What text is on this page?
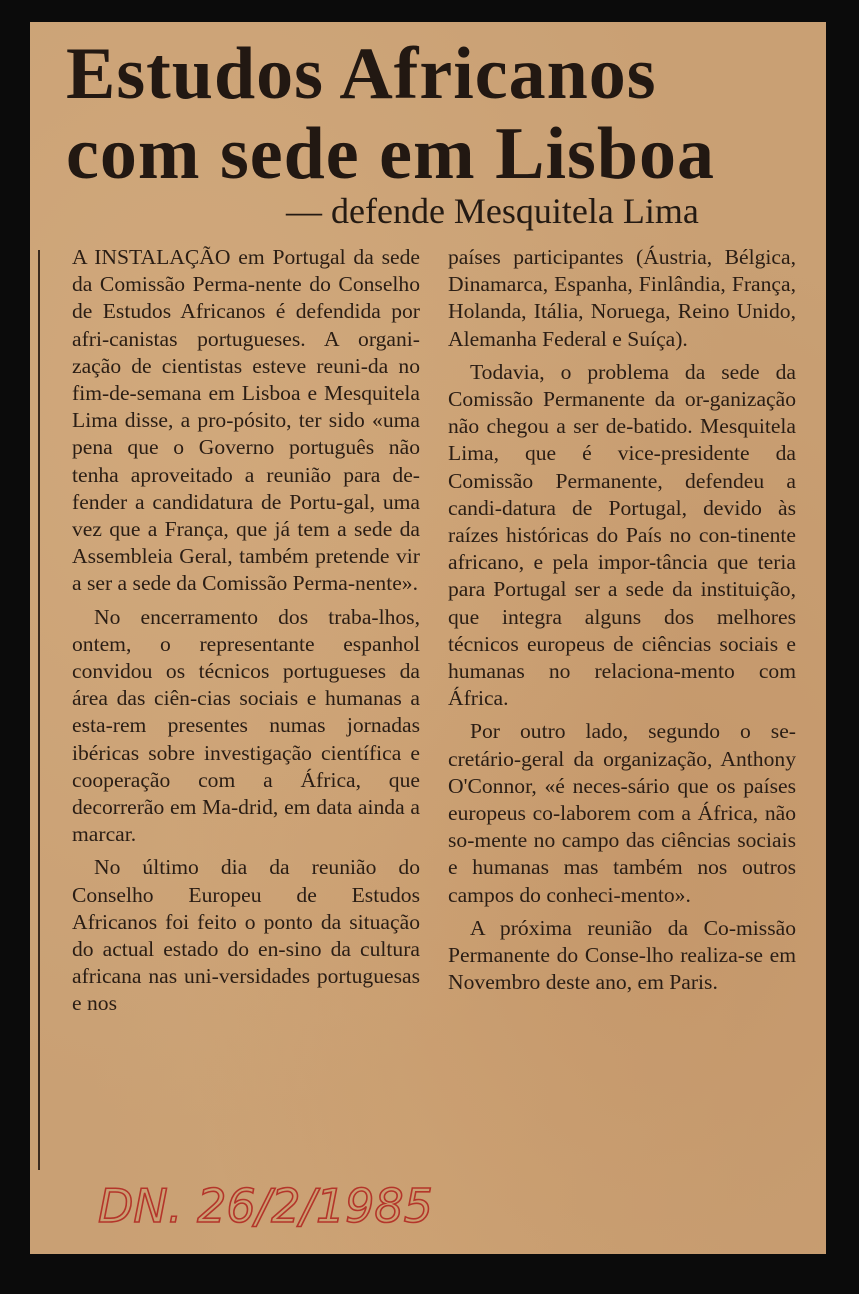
Estudos Africanos
com sede em Lisboa

— defende Mesquitela Lima

A INSTALAÇÃO em Portugal da sede da Comissão Perma-nente do Conselho de Estudos Africanos é defendida por afri-canistas portugueses. A organi-zação de cientistas esteve reuni-da no fim-de-semana em Lisboa e Mesquitela Lima disse, a pro-pósito, ter sido «uma pena que o Governo português não tenha aproveitado a reunião para de-fender a candidatura de Portu-gal, uma vez que a França, que já tem a sede da Assembleia Geral, também pretende vir a ser a sede da Comissão Perma-nente».

No encerramento dos traba-lhos, ontem, o representante espanhol convidou os técnicos portugueses da área das ciên-cias sociais e humanas a esta-rem presentes numas jornadas ibéricas sobre investigação científica e cooperação com a África, que decorrerão em Ma-drid, em data ainda a marcar.

No último dia da reunião do Conselho Europeu de Estudos Africanos foi feito o ponto da situação do actual estado do en-sino da cultura africana nas uni-versidades portuguesas e nos

países participantes (Áustria, Bélgica, Dinamarca, Espanha, Finlândia, França, Holanda, Itália, Noruega, Reino Unido, Alemanha Federal e Suíça).

Todavia, o problema da sede da Comissão Permanente da or-ganização não chegou a ser de-batido. Mesquitela Lima, que é vice-presidente da Comissão Permanente, defendeu a candi-datura de Portugal, devido às raízes históricas do País no con-tinente africano, e pela impor-tância que teria para Portugal ser a sede da instituição, que integra alguns dos melhores técnicos europeus de ciências sociais e humanas no relaciona-mento com África.

Por outro lado, segundo o se-cretário-geral da organização, Anthony O'Connor, «é neces-sário que os países europeus co-laborem com a África, não so-mente no campo das ciências sociais e humanas mas também nos outros campos do conheci-mento».

A próxima reunião da Co-missão Permanente do Conse-lho realiza-se em Novembro deste ano, em Paris.

DN. 26/2/1985
